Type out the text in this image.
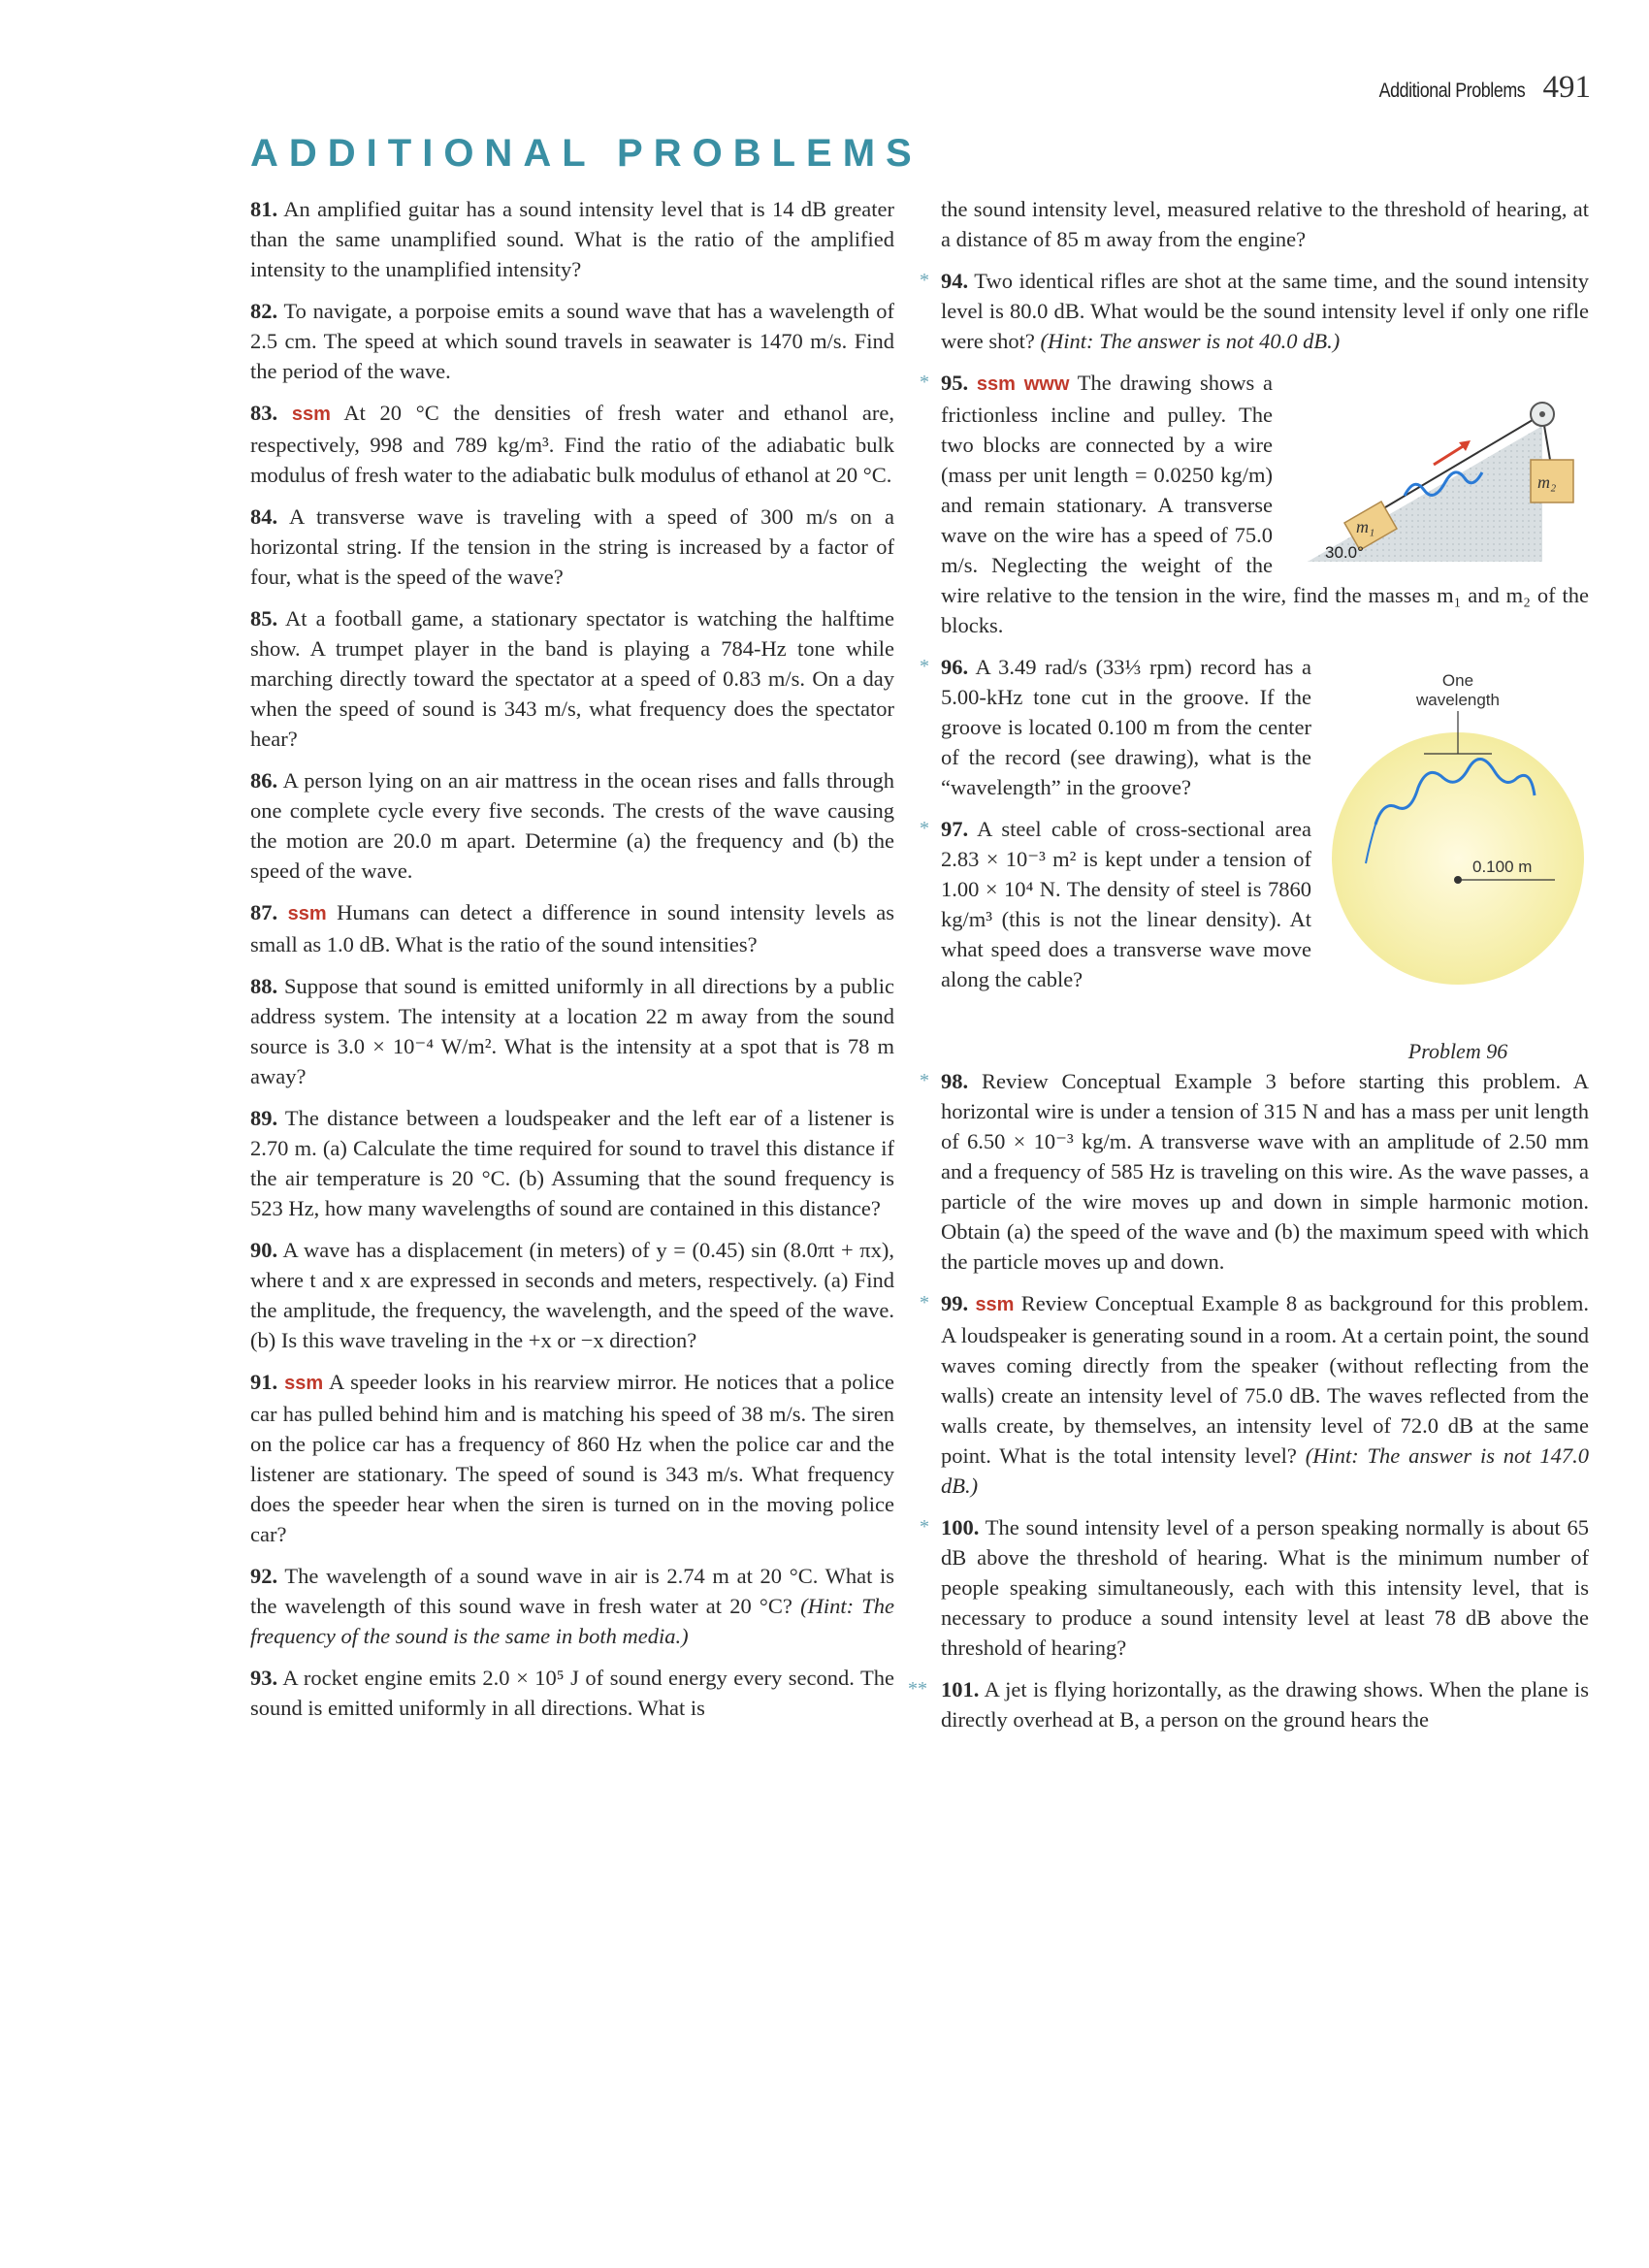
Additional Problems 491
ADDITIONAL PROBLEMS

81. An amplified guitar has a sound intensity level that is 14 dB greater than the same unamplified sound. What is the ratio of the amplified intensity to the unamplified intensity?

82. To navigate, a porpoise emits a sound wave that has a wavelength of 2.5 cm. The speed at which sound travels in seawater is 1470 m/s. Find the period of the wave.

83. ssm At 20 °C the densities of fresh water and ethanol are, respectively, 998 and 789 kg/m³. Find the ratio of the adiabatic bulk modulus of fresh water to the adiabatic bulk modulus of ethanol at 20 °C.

84. A transverse wave is traveling with a speed of 300 m/s on a horizontal string. If the tension in the string is increased by a factor of four, what is the speed of the wave?

85. At a football game, a stationary spectator is watching the halftime show. A trumpet player in the band is playing a 784-Hz tone while marching directly toward the spectator at a speed of 0.83 m/s. On a day when the speed of sound is 343 m/s, what frequency does the spectator hear?

86. A person lying on an air mattress in the ocean rises and falls through one complete cycle every five seconds. The crests of the wave causing the motion are 20.0 m apart. Determine (a) the frequency and (b) the speed of the wave.

87. ssm Humans can detect a difference in sound intensity levels as small as 1.0 dB. What is the ratio of the sound intensities?

88. Suppose that sound is emitted uniformly in all directions by a public address system. The intensity at a location 22 m away from the sound source is 3.0 × 10⁻⁴ W/m². What is the intensity at a spot that is 78 m away?

89. The distance between a loudspeaker and the left ear of a listener is 2.70 m. (a) Calculate the time required for sound to travel this distance if the air temperature is 20 °C. (b) Assuming that the sound frequency is 523 Hz, how many wavelengths of sound are contained in this distance?

90. A wave has a displacement (in meters) of y = (0.45) sin (8.0πt + πx), where t and x are expressed in seconds and meters, respectively. (a) Find the amplitude, the frequency, the wavelength, and the speed of the wave. (b) Is this wave traveling in the +x or −x direction?

91. ssm A speeder looks in his rearview mirror. He notices that a police car has pulled behind him and is matching his speed of 38 m/s. The siren on the police car has a frequency of 860 Hz when the police car and the listener are stationary. The speed of sound is 343 m/s. What frequency does the speeder hear when the siren is turned on in the moving police car?

92. The wavelength of a sound wave in air is 2.74 m at 20 °C. What is the wavelength of this sound wave in fresh water at 20 °C? (Hint: The frequency of the sound is the same in both media.)

93. A rocket engine emits 2.0 × 10⁵ J of sound energy every second. The sound is emitted uniformly in all directions. What is

the sound intensity level, measured relative to the threshold of hearing, at a distance of 85 m away from the engine?

* 94. Two identical rifles are shot at the same time, and the sound intensity level is 80.0 dB. What would be the sound intensity level if only one rifle were shot? (Hint: The answer is not 40.0 dB.)

m₁
m₂
30.0°
* 95. ssm www The drawing shows a frictionless incline and pulley. The two blocks are connected by a wire (mass per unit length = 0.0250 kg/m) and remain stationary. A transverse wave on the wire has a speed of 75.0 m/s. Neglecting the weight of the wire relative to the tension in the wire, find the masses m₁ and m₂ of the blocks.
One
wavelength
0.100 m
Problem 96

* 96. A 3.49 rad/s (33⅓ rpm) record has a 5.00-kHz tone cut in the groove. If the groove is located 0.100 m from the center of the record (see drawing), what is the “wavelength” in the groove?

* 97. A steel cable of cross-sectional area 2.83 × 10⁻³ m² is kept under a tension of 1.00 × 10⁴ N. The density of steel is 7860 kg/m³ (this is not the linear density). At what speed does a transverse wave move along the cable?

* 98. Review Conceptual Example 3 before starting this problem. A horizontal wire is under a tension of 315 N and has a mass per unit length of 6.50 × 10⁻³ kg/m. A transverse wave with an amplitude of 2.50 mm and a frequency of 585 Hz is traveling on this wire. As the wave passes, a particle of the wire moves up and down in simple harmonic motion. Obtain (a) the speed of the wave and (b) the maximum speed with which the particle moves up and down.

* 99. ssm Review Conceptual Example 8 as background for this problem. A loudspeaker is generating sound in a room. At a certain point, the sound waves coming directly from the speaker (without reflecting from the walls) create an intensity level of 75.0 dB. The waves reflected from the walls create, by themselves, an intensity level of 72.0 dB at the same point. What is the total intensity level? (Hint: The answer is not 147.0 dB.)

* 100. The sound intensity level of a person speaking normally is about 65 dB above the threshold of hearing. What is the minimum number of people speaking simultaneously, each with this intensity level, that is necessary to produce a sound intensity level at least 78 dB above the threshold of hearing?

** 101. A jet is flying horizontally, as the drawing shows. When the plane is directly overhead at B, a person on the ground hears the
